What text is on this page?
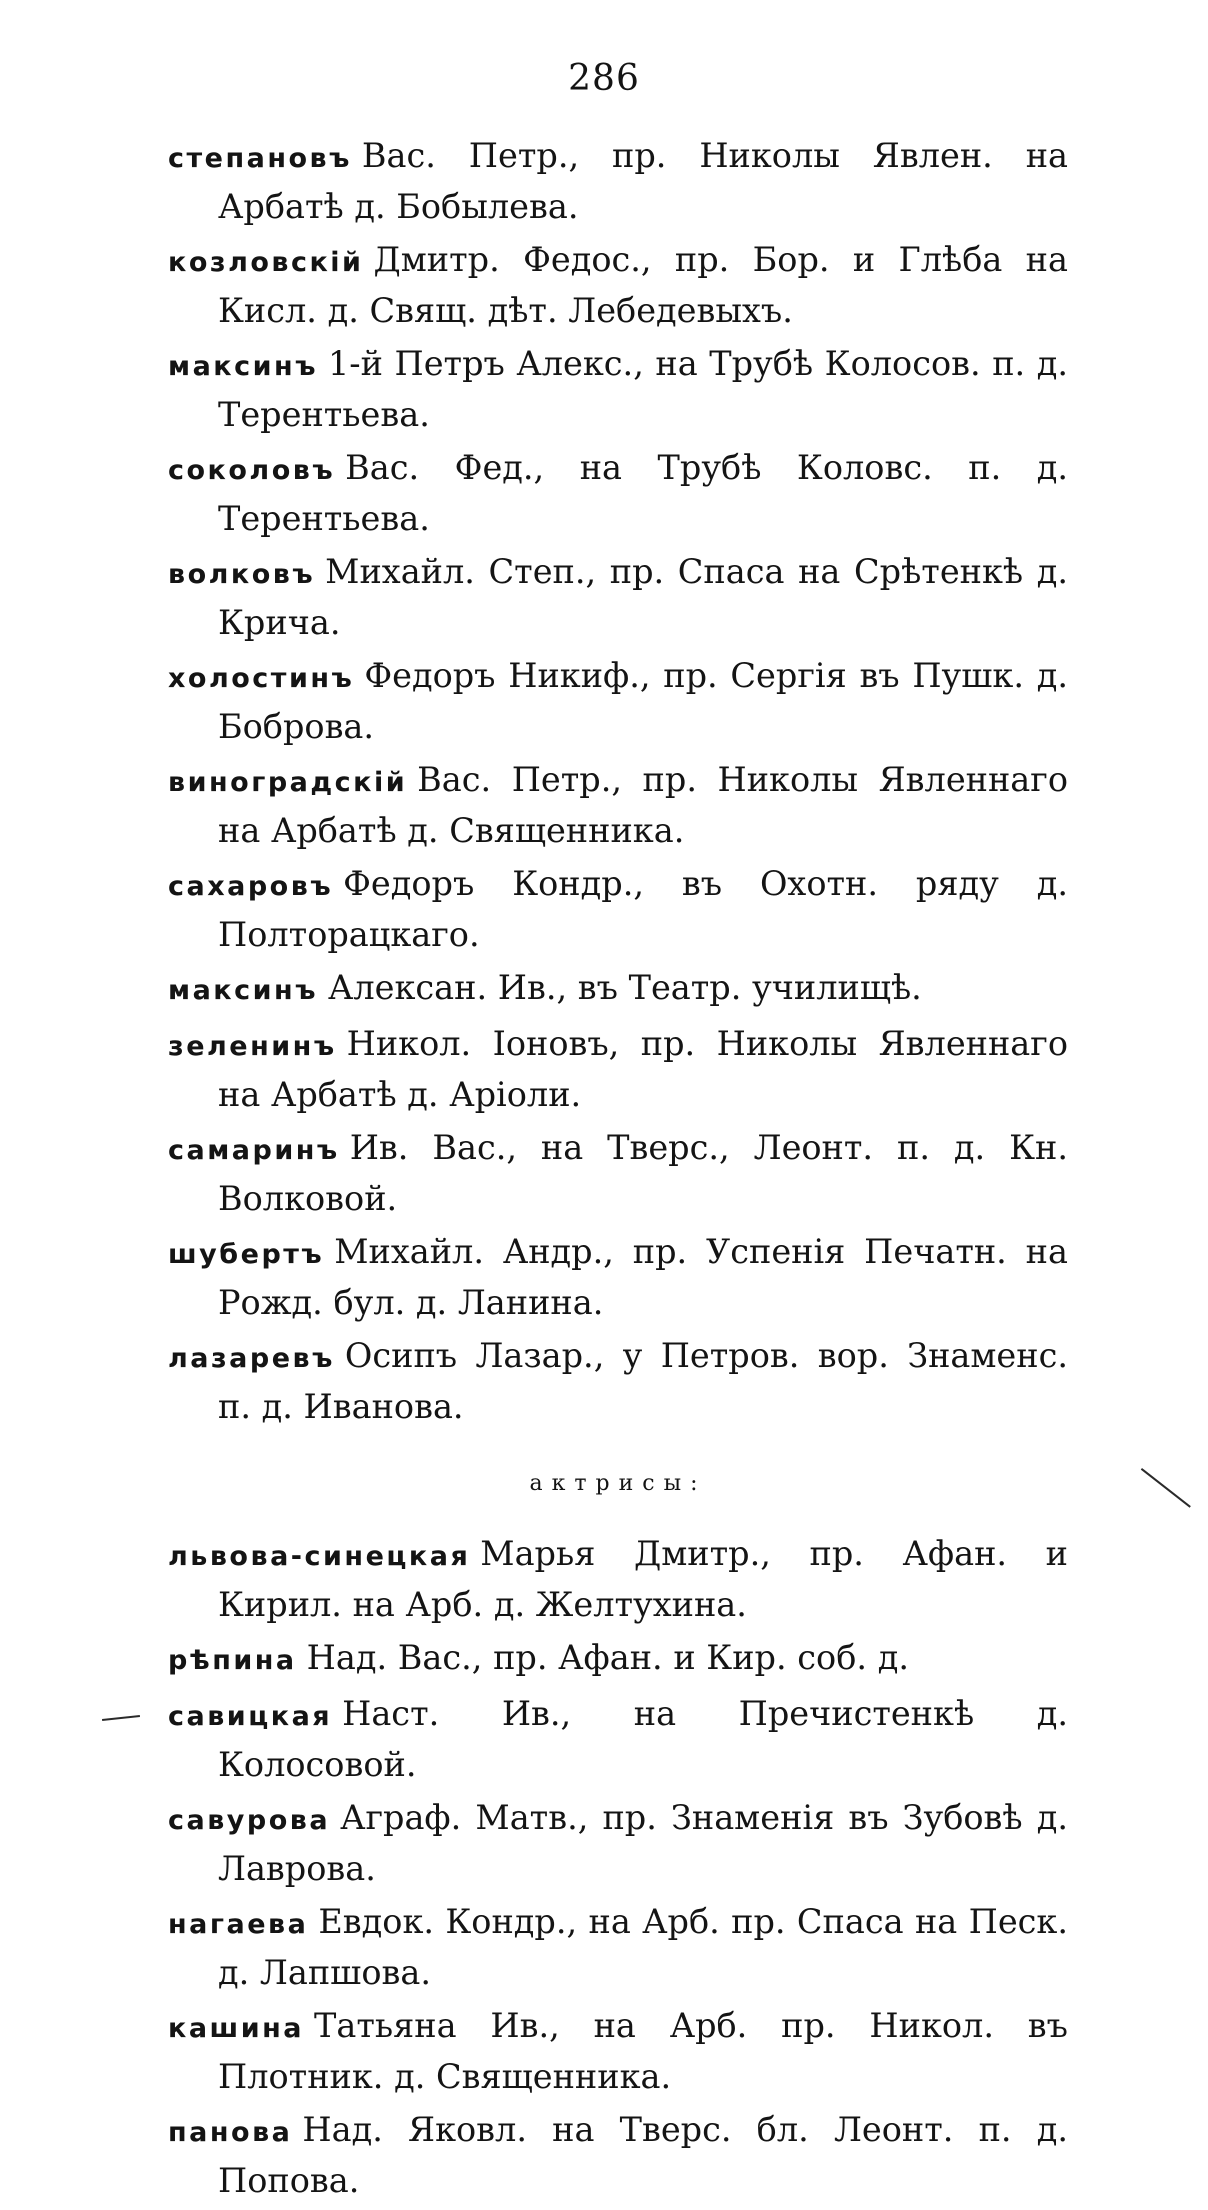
286
степановъ Вас. Петр., пр. Николы Явлен. на Арбатѣ д. Бобылева.
козловскій Дмитр. Федос., пр. Бор. и Глѣба на Кисл. д. Свящ. дѣт. Лебедевыхъ.
максинъ 1-й Петръ Алекс., на Трубѣ Колосов. п. д. Терентьева.
соколовъ Вас. Фед., на Трубѣ Коловс. п. д. Терентьева.
волковъ Михайл. Степ., пр. Спаса на Срѣтенкѣ д. Крича.
холостинъ Федоръ Никиф., пр. Сергія въ Пушк. д. Боброва.
виноградскій Вас. Петр., пр. Николы Явленнаго на Арбатѣ д. Священника.
сахаровъ Федоръ Кондр., въ Охотн. ряду д. Полторацкаго.
максинъ Алексан. Ив., въ Театр. училищѣ.
зеленинъ Никол. Іоновъ, пр. Николы Явленнаго на Арбатѣ д. Аріоли.
самаринъ Ив. Вас., на Тверс., Леонт. п. д. Кн. Волковой.
шубертъ Михайл. Андр., пр. Успенія Печатн. на Рожд. бул. д. Ланина.
лазаревъ Осипъ Лазар., у Петров. вор. Знаменс. п. д. Иванова.
актрисы:
львова-синецкая Марья Дмитр., пр. Афан. и Кирил. на Арб. д. Желтухина.
рѣпина Над. Вас., пр. Афан. и Кир. соб. д.
савицкая Наст. Ив., на Пречистенкѣ д. Колосовой.
савурова Аграф. Матв., пр. Знаменія въ Зубовѣ д. Лаврова.
нагаева Евдок. Кондр., на Арб. пр. Спаса на Песк. д. Лапшова.
кашина Татьяна Ив., на Арб. пр. Никол. въ Плотник. д. Священника.
панова Над. Яковл. на Тверс. бл. Леонт. п. д. Попова.
